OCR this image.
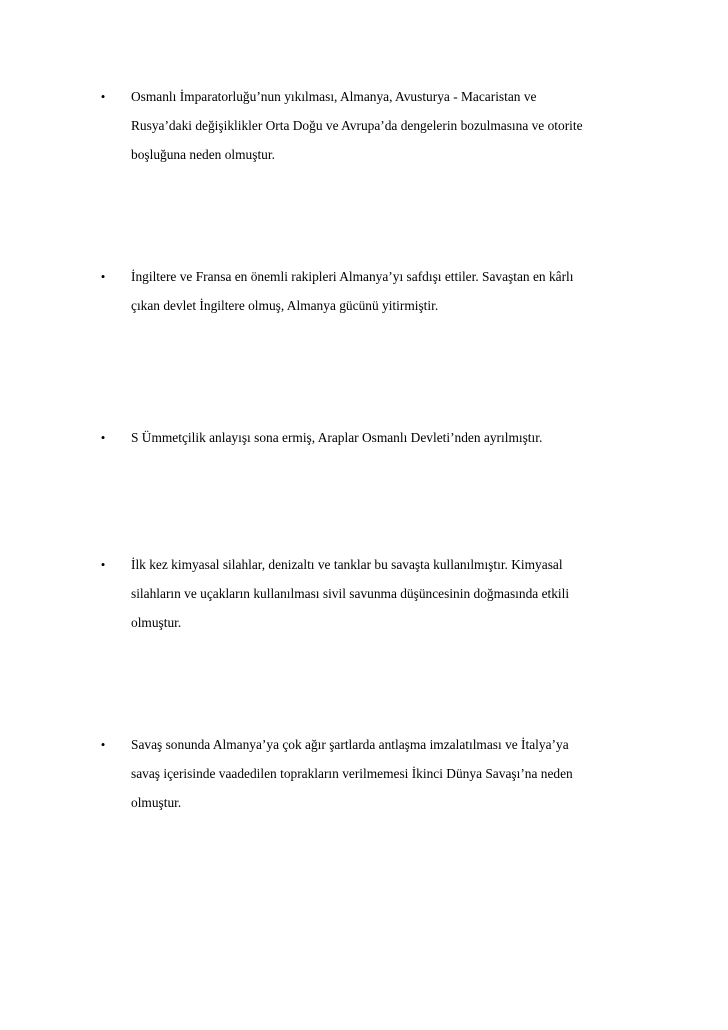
•	Osmanlı İmparatorluğu’nun yıkılması, Almanya, Avusturya - Macaristan ve
Rusya’daki değişiklikler Orta Doğu ve Avrupa’da dengelerin bozulmasına ve otorite
boşluğuna neden olmuştur.
•	İngiltere ve Fransa en önemli rakipleri Almanya’yı safdışı ettiler. Savaştan en kârlı
çıkan devlet İngiltere olmuş, Almanya gücünü yitirmiştir.
•	S Ümmetçilik anlayışı sona ermiş, Araplar Osmanlı Devleti’nden ayrılmıştır.
•	İlk kez kimyasal silahlar, denizaltı ve tanklar bu savaşta kullanılmıştır. Kimyasal
silahların ve uçakların kullanılması sivil savunma düşüncesinin doğmasında etkili
olmuştur.
•	Savaş sonunda Almanya’ya çok ağır şartlarda antlaşma imzalatılması ve İtalya’ya
savaş içerisinde vaadedilen toprakların verilmemesi İkinci Dünya Savaşı’na neden
olmuştur.
